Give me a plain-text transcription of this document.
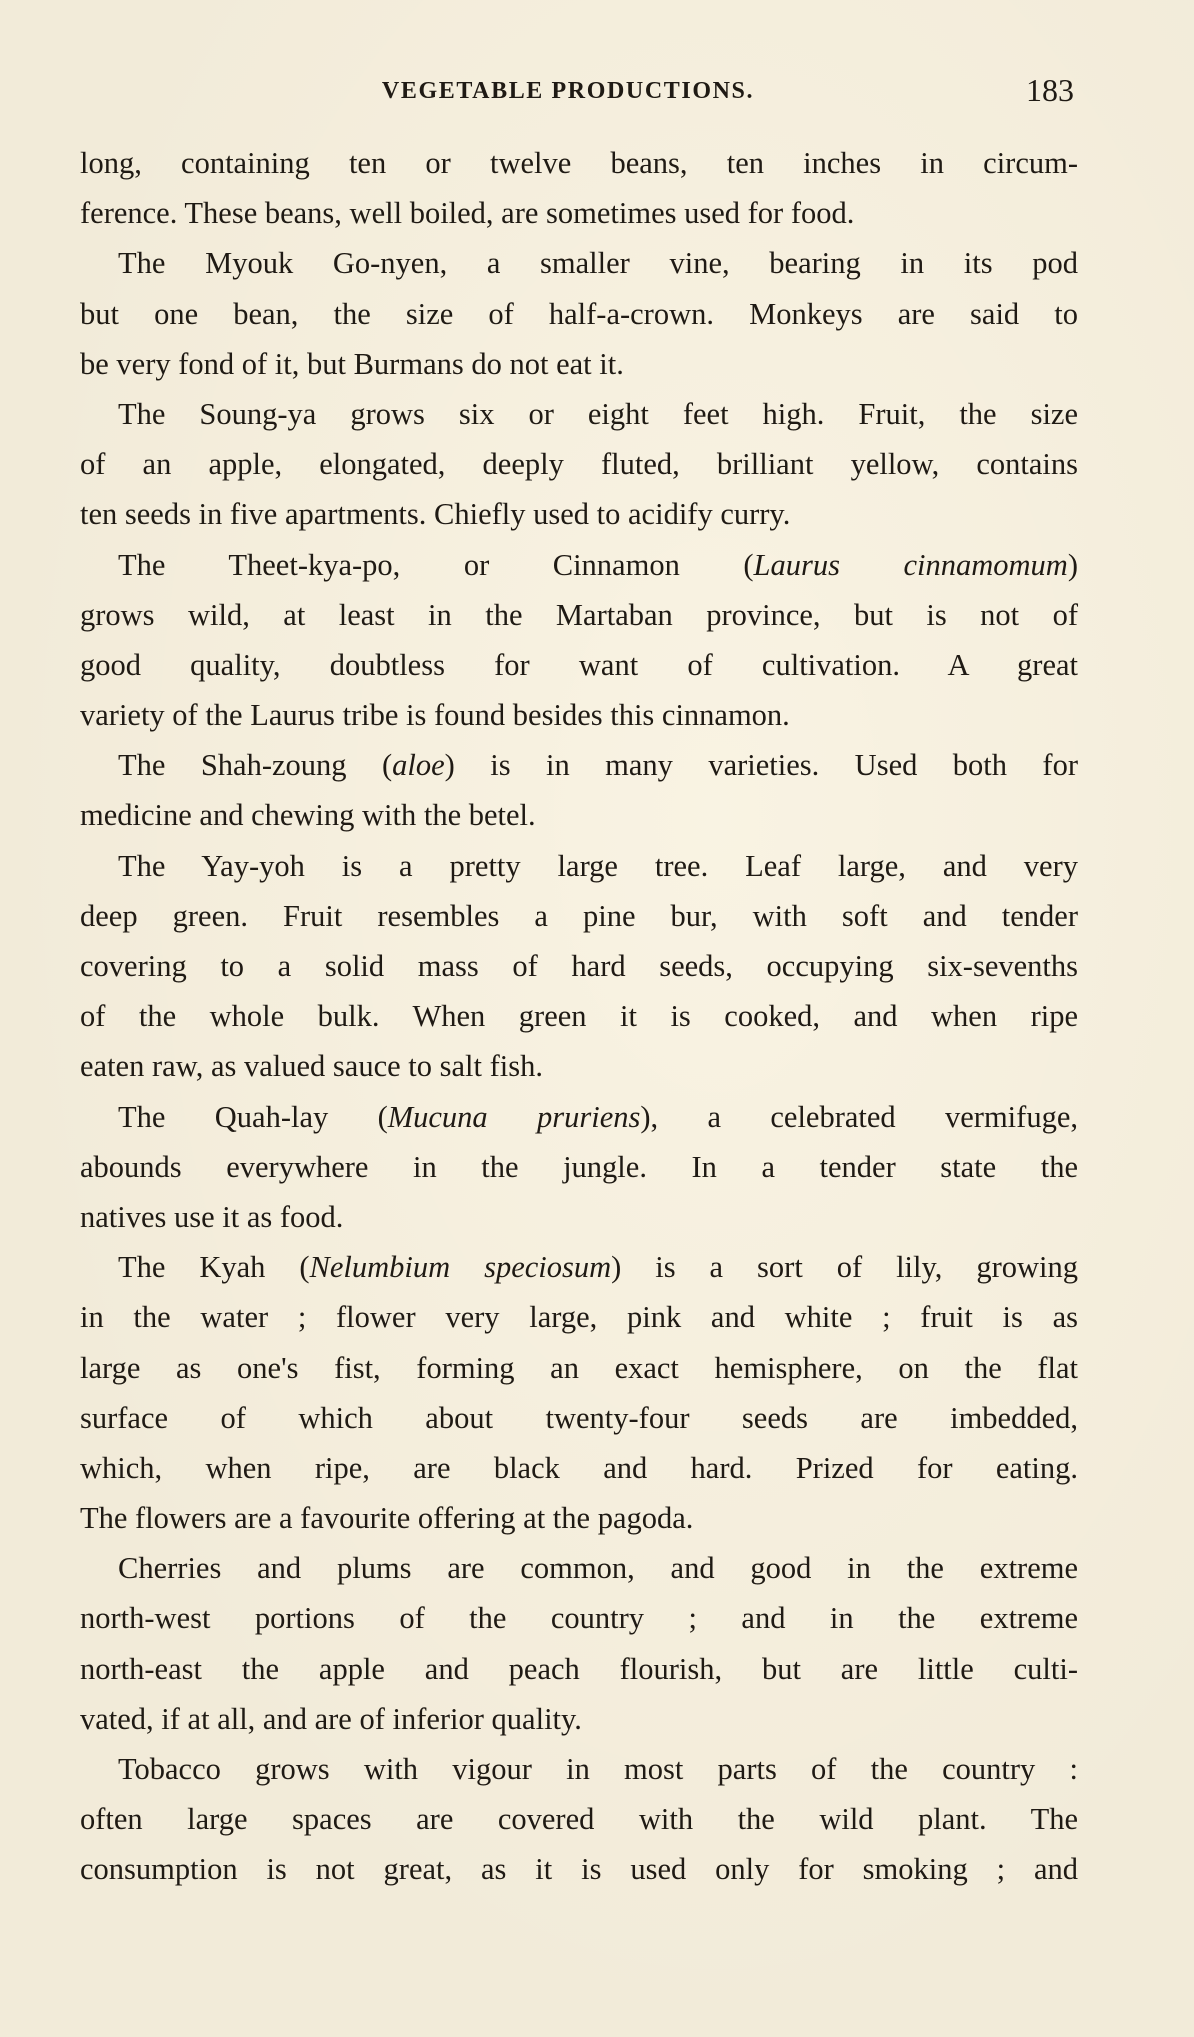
VEGETABLE PRODUCTIONS.	183
long, containing ten or twelve beans, ten inches in circum-
ference. These beans, well boiled, are sometimes used for food.
The Myouk Go-nyen, a smaller vine, bearing in its pod
but one bean, the size of half-a-crown. Monkeys are said to
be very fond of it, but Burmans do not eat it.
The Soung-ya grows six or eight feet high. Fruit, the size
of an apple, elongated, deeply fluted, brilliant yellow, contains
ten seeds in five apartments. Chiefly used to acidify curry.
The Theet-kya-po, or Cinnamon (Laurus cinnamomum)
grows wild, at least in the Martaban province, but is not of
good quality, doubtless for want of cultivation. A great
variety of the Laurus tribe is found besides this cinnamon.
The Shah-zoung (aloe) is in many varieties. Used both for
medicine and chewing with the betel.
The Yay-yoh is a pretty large tree. Leaf large, and very
deep green. Fruit resembles a pine bur, with soft and tender
covering to a solid mass of hard seeds, occupying six-sevenths
of the whole bulk. When green it is cooked, and when ripe
eaten raw, as valued sauce to salt fish.
The Quah-lay (Mucuna pruriens), a celebrated vermifuge,
abounds everywhere in the jungle. In a tender state the
natives use it as food.
The Kyah (Nelumbium speciosum) is a sort of lily, growing
in the water ; flower very large, pink and white ; fruit is as
large as one's fist, forming an exact hemisphere, on the flat
surface of which about twenty-four seeds are imbedded,
which, when ripe, are black and hard. Prized for eating.
The flowers are a favourite offering at the pagoda.
Cherries and plums are common, and good in the extreme
north-west portions of the country ; and in the extreme
north-east the apple and peach flourish, but are little culti-
vated, if at all, and are of inferior quality.
Tobacco grows with vigour in most parts of the country :
often large spaces are covered with the wild plant. The
consumption is not great, as it is used only for smoking ; and
